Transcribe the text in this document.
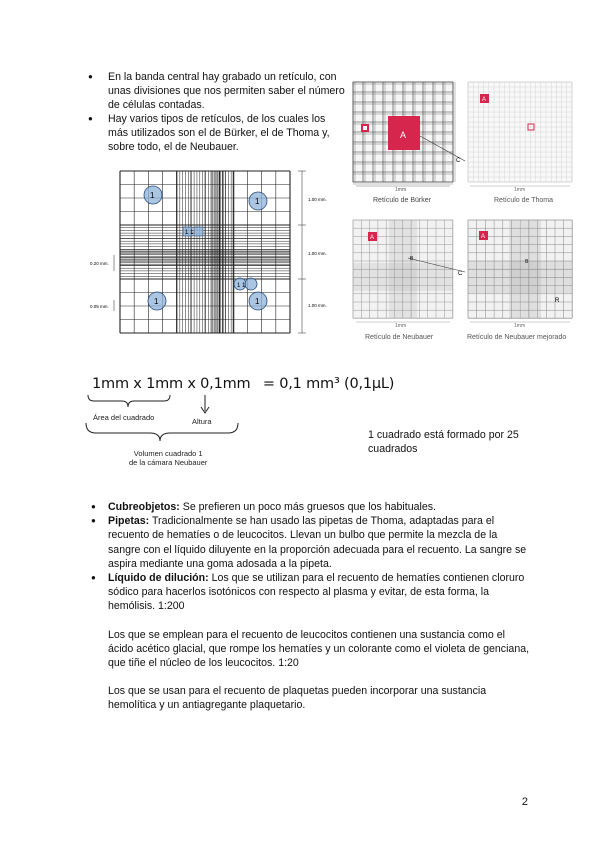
● En la banda central hay grabado un retículo, con unas divisiones que nos permiten saber el número de células contadas.
● Hay varios tipos de retículos, de los cuales los más utilizados son el de Bürker, el de Thoma y, sobre todo, el de Neubauer.
1
1
1	1
1 1
1 1
1.00 mm.
1.00 mm.
1.00 mm.
0.20 mm.
0.05 mm.
A
C
1mm
Retículo de Bürker
A
1mm
Retículo de Thoma
A
B
C
1mm
Retículo de Neubauer
A
B
R
1mm
Retículo de Neubauer mejorado
1mm x 1mm x 0,1mm = 0,1 mm³ (0,1μL)
Área del cuadrado	Altura
Volumen cuadrado 1
de la cámara Neubauer
1 cuadrado está formado por 25 cuadrados
● Cubreobjetos: Se prefieren un poco más gruesos que los habituales.
● Pipetas: Tradicionalmente se han usado las pipetas de Thoma, adaptadas para el recuento de hematíes o de leucocitos. Llevan un bulbo que permite la mezcla de la sangre con el líquido diluyente en la proporción adecuada para el recuento. La sangre se aspira mediante una goma adosada a la pipeta.
● Líquido de dilución: Los que se utilizan para el recuento de hematíes contienen cloruro sódico para hacerlos isotónicos con respecto al plasma y evitar, de esta forma, la hemólisis. 1:200

Los que se emplean para el recuento de leucocitos contienen una sustancia como el ácido acético glacial, que rompe los hematíes y un colorante como el violeta de genciana, que tiñe el núcleo de los leucocitos. 1:20

Los que se usan para el recuento de plaquetas pueden incorporar una sustancia hemolítica y un antiagregante plaquetario.

2
